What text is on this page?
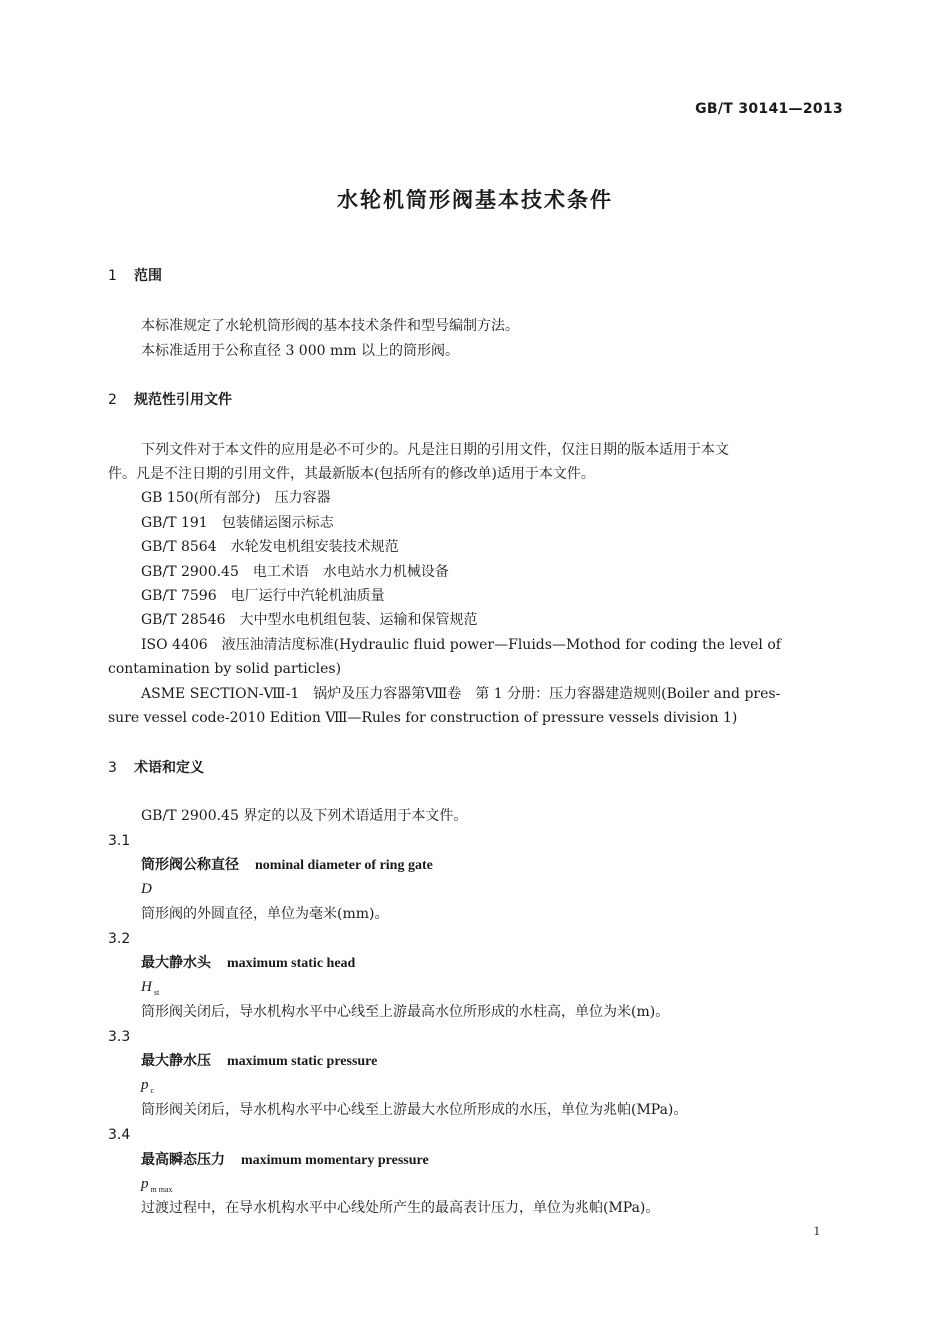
GB/T 30141—2013
水轮机筒形阀基本技术条件
1 范围
本标准规定了水轮机筒形阀的基本技术条件和型号编制方法。
本标准适用于公称直径 3 000 mm 以上的筒形阀。
2 规范性引用文件
下列文件对于本文件的应用是必不可少的。凡是注日期的引用文件，仅注日期的版本适用于本文
件。凡是不注日期的引用文件，其最新版本(包括所有的修改单)适用于本文件。
GB 150(所有部分) 压力容器
GB/T 191 包装储运图示标志
GB/T 8564 水轮发电机组安装技术规范
GB/T 2900.45 电工术语　水电站水力机械设备
GB/T 7596 电厂运行中汽轮机油质量
GB/T 28546 大中型水电机组包装、运输和保管规范
ISO 4406　液压油清洁度标准(Hydraulic fluid power—Fluids—Mothod for coding the level of
contamination by solid particles)
ASME SECTION-Ⅷ-1　锅炉及压力容器第Ⅷ卷　第 1 分册：压力容器建造规则(Boiler and pres-
sure vessel code-2010 Edition Ⅷ—Rules for construction of pressure vessels division 1)
3 术语和定义
GB/T 2900.45 界定的以及下列术语适用于本文件。
3.1
筒形阀公称直径 nominal diameter of ring gate
D
筒形阀的外圆直径，单位为毫米(mm)。
3.2
最大静水头 maximum static head
H $_{st}$
筒形阀关闭后，导水机构水平中心线至上游最高水位所形成的水柱高，单位为米(m)。
3.3
最大静水压 maximum static pressure
p $_c$
筒形阀关闭后，导水机构水平中心线至上游最大水位所形成的水压，单位为兆帕(MPa)。
3.4
最高瞬态压力 maximum momentary pressure
p $_{m max}$
过渡过程中，在导水机构水平中心线处所产生的最高表计压力，单位为兆帕(MPa)。
1
